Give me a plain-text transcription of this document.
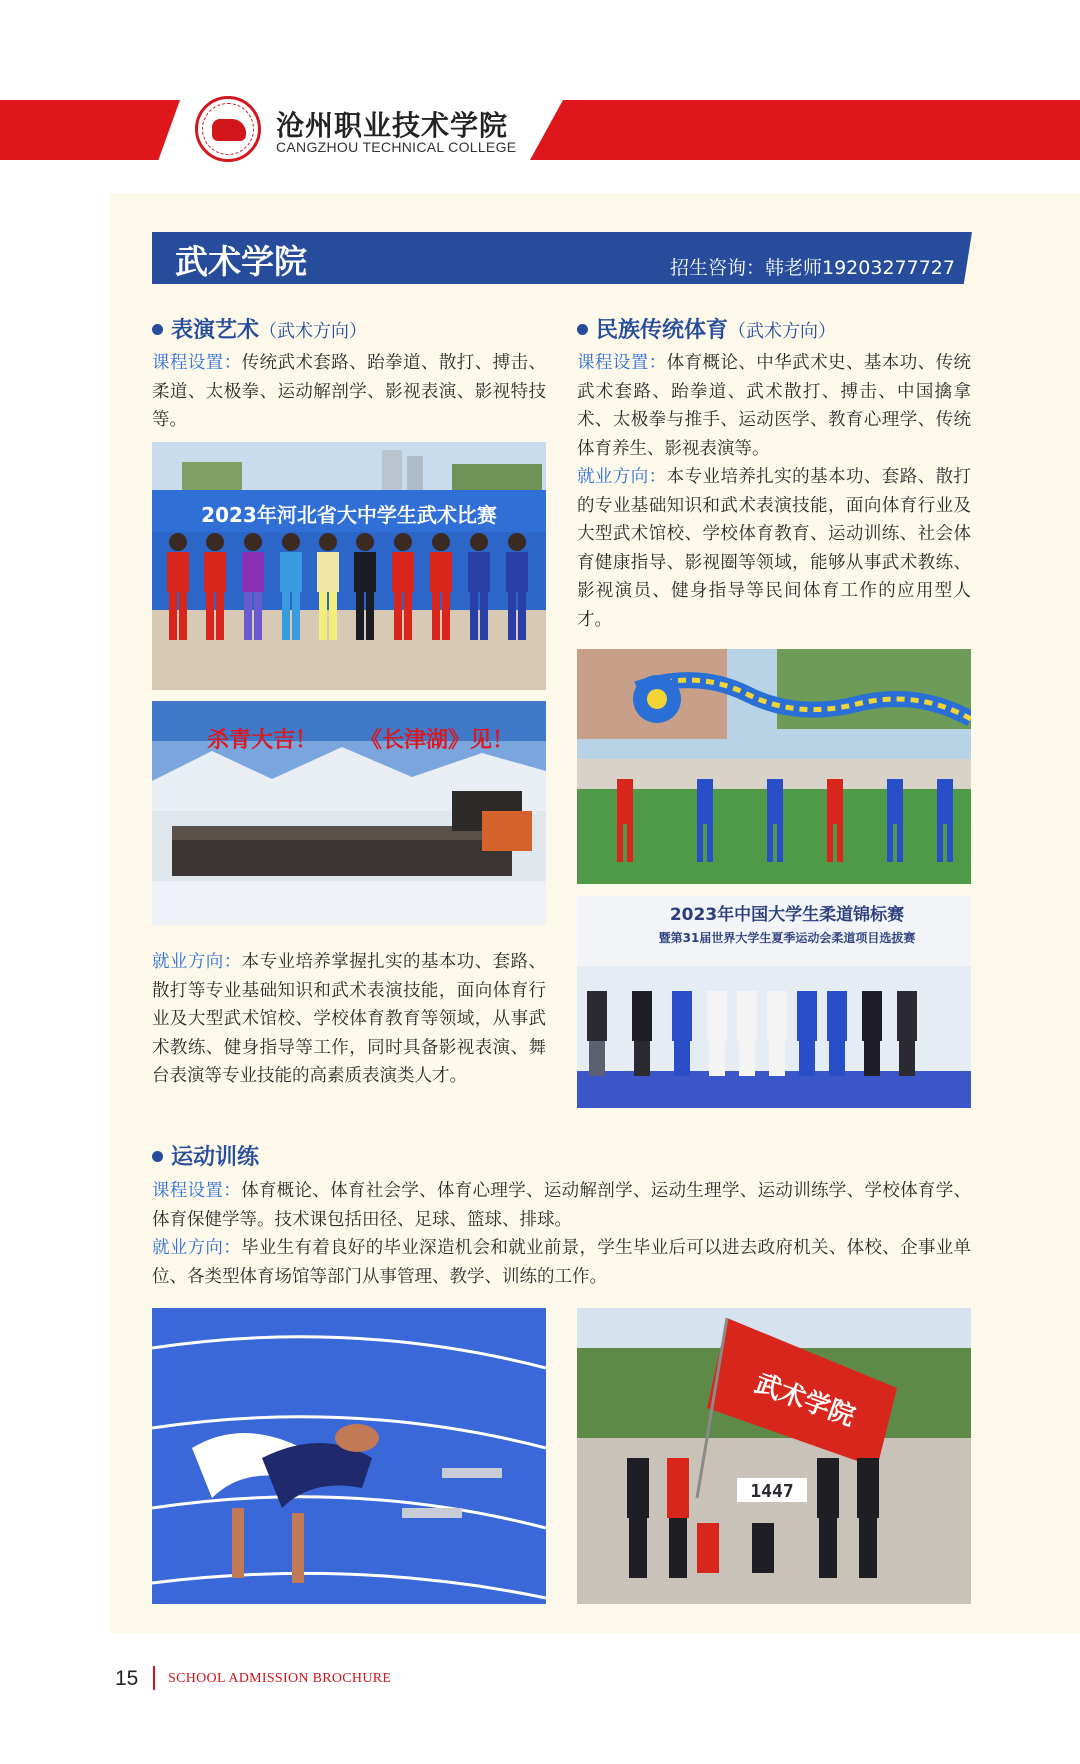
沧州职业技术学院
CANGZHOU TECHNICAL COLLEGE
武术学院	招生咨询：韩老师19203277727
表演艺术（武术方向）
课程设置：传统武术套路、跆拳道、散打、搏击、柔道、太极拳、运动解剖学、影视表演、影视特技等。
2023年河北省大中学生武术比赛
杀青大吉！ 《长津湖》见！
就业方向：本专业培养掌握扎实的基本功、套路、散打等专业基础知识和武术表演技能，面向体育行业及大型武术馆校、学校体育教育等领域，从事武术教练、健身指导等工作，同时具备影视表演、舞台表演等专业技能的高素质表演类人才。
民族传统体育（武术方向）
课程设置：体育概论、中华武术史、基本功、传统武术套路、跆拳道、武术散打、搏击、中国擒拿术、太极拳与推手、运动医学、教育心理学、传统体育养生、影视表演等。
就业方向：本专业培养扎实的基本功、套路、散打的专业基础知识和武术表演技能，面向体育行业及大型武术馆校、学校体育教育、运动训练、社会体育健康指导、影视圈等领域，能够从事武术教练、影视演员、健身指导等民间体育工作的应用型人才。
2023年中国大学生柔道锦标赛
暨第31届世界大学生夏季运动会柔道项目选拔赛
运动训练
课程设置：体育概论、体育社会学、体育心理学、运动解剖学、运动生理学、运动训练学、学校体育学、体育保健学等。技术课包括田径、足球、篮球、排球。
就业方向：毕业生有着良好的毕业深造机会和就业前景，学生毕业后可以进去政府机关、体校、企事业单位、各类型体育场馆等部门从事管理、教学、训练的工作。
武术学院
1447
15 SCHOOL ADMISSION BROCHURE
